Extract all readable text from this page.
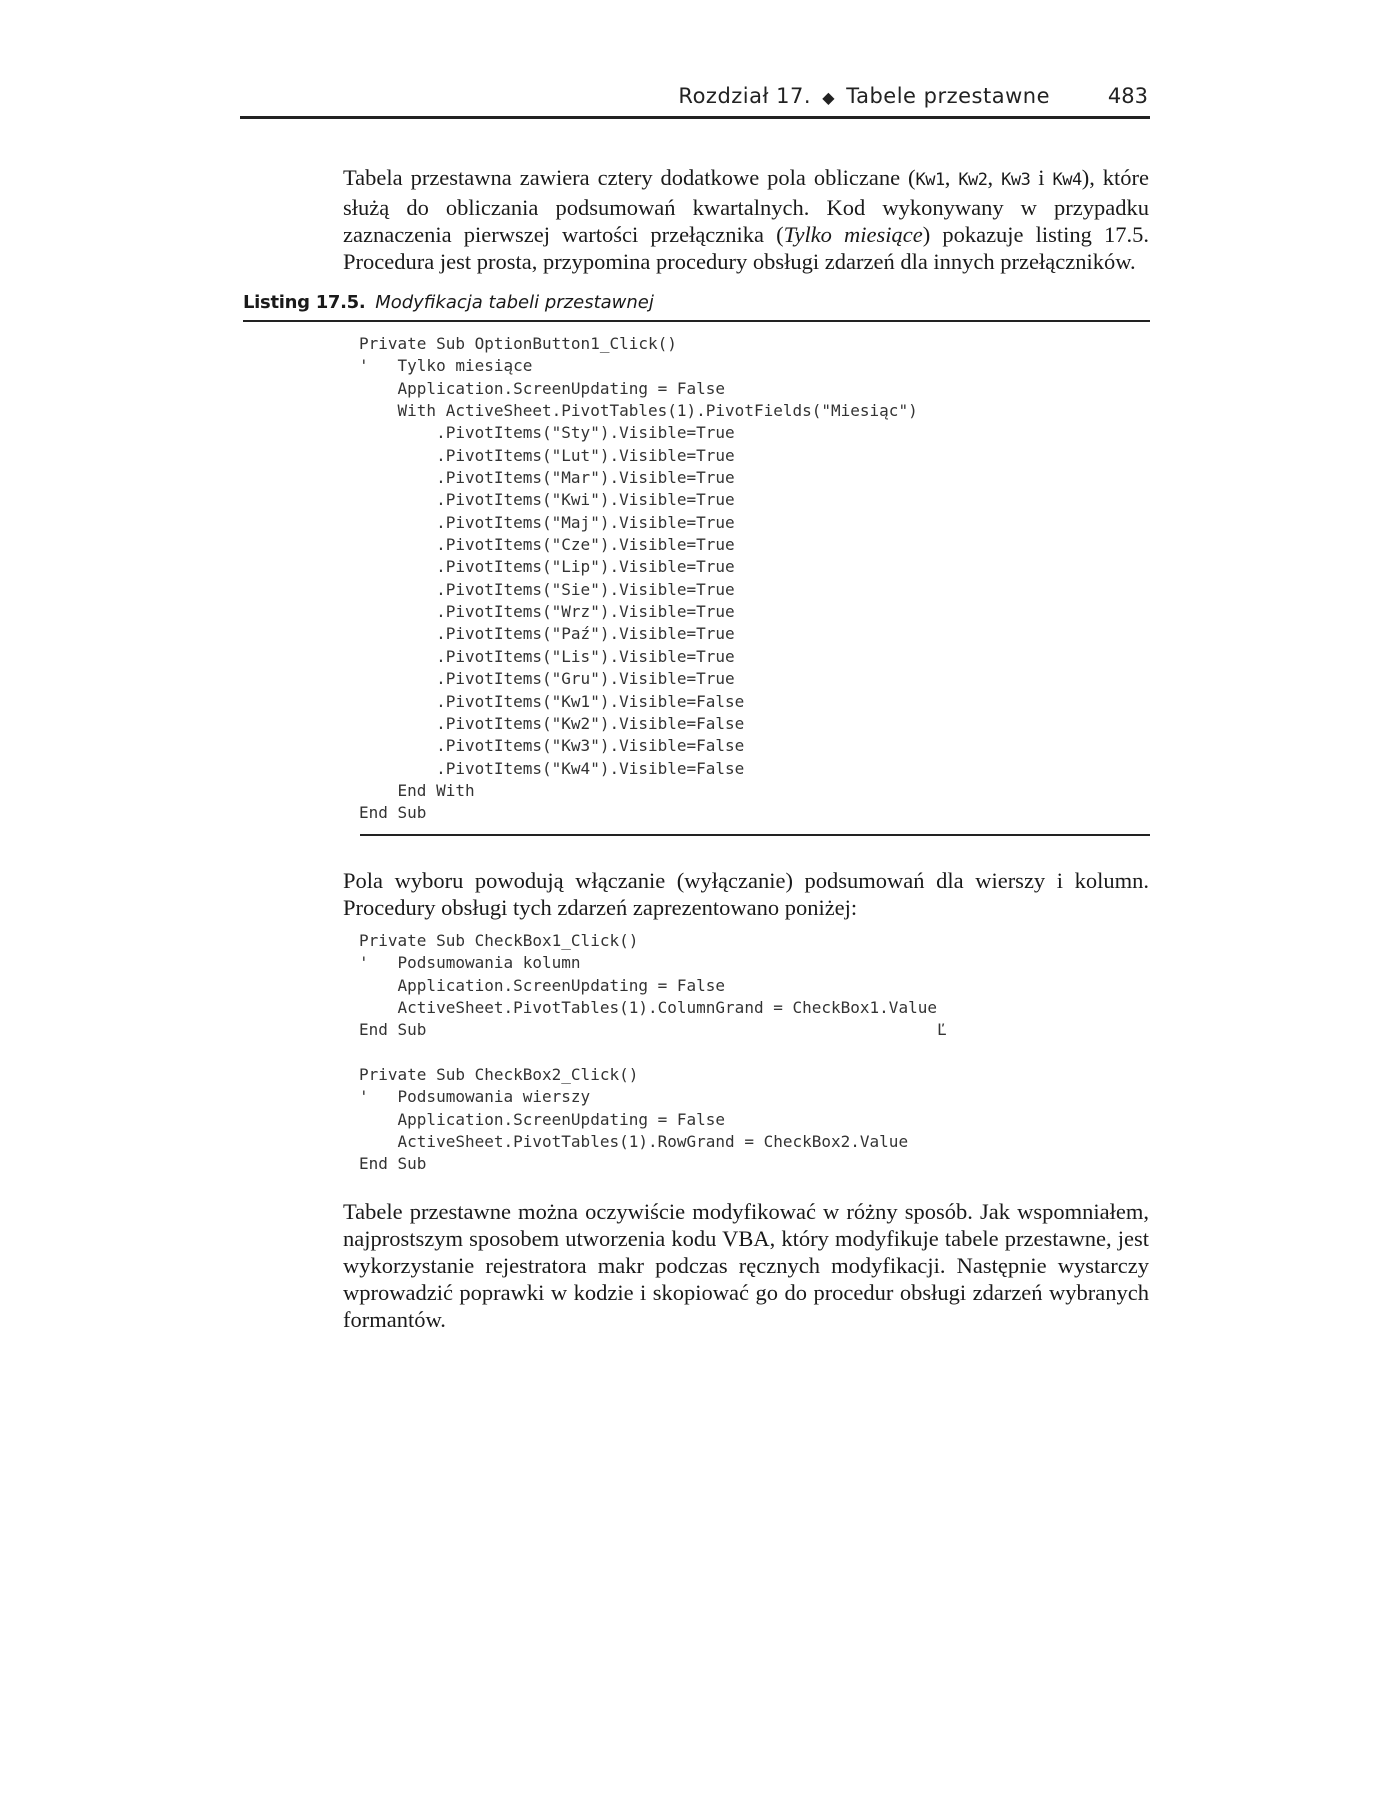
Rozdział 17. ◆ Tabele przestawne	483

Tabela przestawna zawiera cztery dodatkowe pola obliczane (Kw1, Kw2, Kw3 i Kw4), które służą do obliczania podsumowań kwartalnych. Kod wykonywany w przypadku zaznaczenia pierwszej wartości przełącznika (Tylko miesiące) pokazuje listing 17.5. Procedura jest prosta, przypomina procedury obsługi zdarzeń dla innych przełączników.

Listing 17.5. Modyfikacja tabeli przestawnej
Private Sub OptionButton1_Click()
'   Tylko miesiące
Application.ScreenUpdating = False
With ActiveSheet.PivotTables(1).PivotFields("Miesiąc")
.PivotItems("Sty").Visible=True
.PivotItems("Lut").Visible=True
.PivotItems("Mar").Visible=True
.PivotItems("Kwi").Visible=True
.PivotItems("Maj").Visible=True
.PivotItems("Cze").Visible=True
.PivotItems("Lip").Visible=True
.PivotItems("Sie").Visible=True
.PivotItems("Wrz").Visible=True
.PivotItems("Paź").Visible=True
.PivotItems("Lis").Visible=True
.PivotItems("Gru").Visible=True
.PivotItems("Kw1").Visible=False
.PivotItems("Kw2").Visible=False
.PivotItems("Kw3").Visible=False
.PivotItems("Kw4").Visible=False
End With
End Sub

Pola wyboru powodują włączanie (wyłączanie) podsumowań dla wierszy i kolumn. Procedury obsługi tych zdarzeń zaprezentowano poniżej:

Private Sub CheckBox1_Click()
'   Podsumowania kolumn
Application.ScreenUpdating = False
ActiveSheet.PivotTables(1).ColumnGrand = CheckBox1.Value
End Sub                                                     Ľ
Private Sub CheckBox2_Click()
'   Podsumowania wierszy
Application.ScreenUpdating = False
ActiveSheet.PivotTables(1).RowGrand = CheckBox2.Value
End Sub

Tabele przestawne można oczywiście modyfikować w różny sposób. Jak wspomniałem, najprostszym sposobem utworzenia kodu VBA, który modyfikuje tabele przestawne, jest wykorzystanie rejestratora makr podczas ręcznych modyfikacji. Następnie wystarczy wprowadzić poprawki w kodzie i skopiować go do procedur obsługi zdarzeń wybranych formantów.
